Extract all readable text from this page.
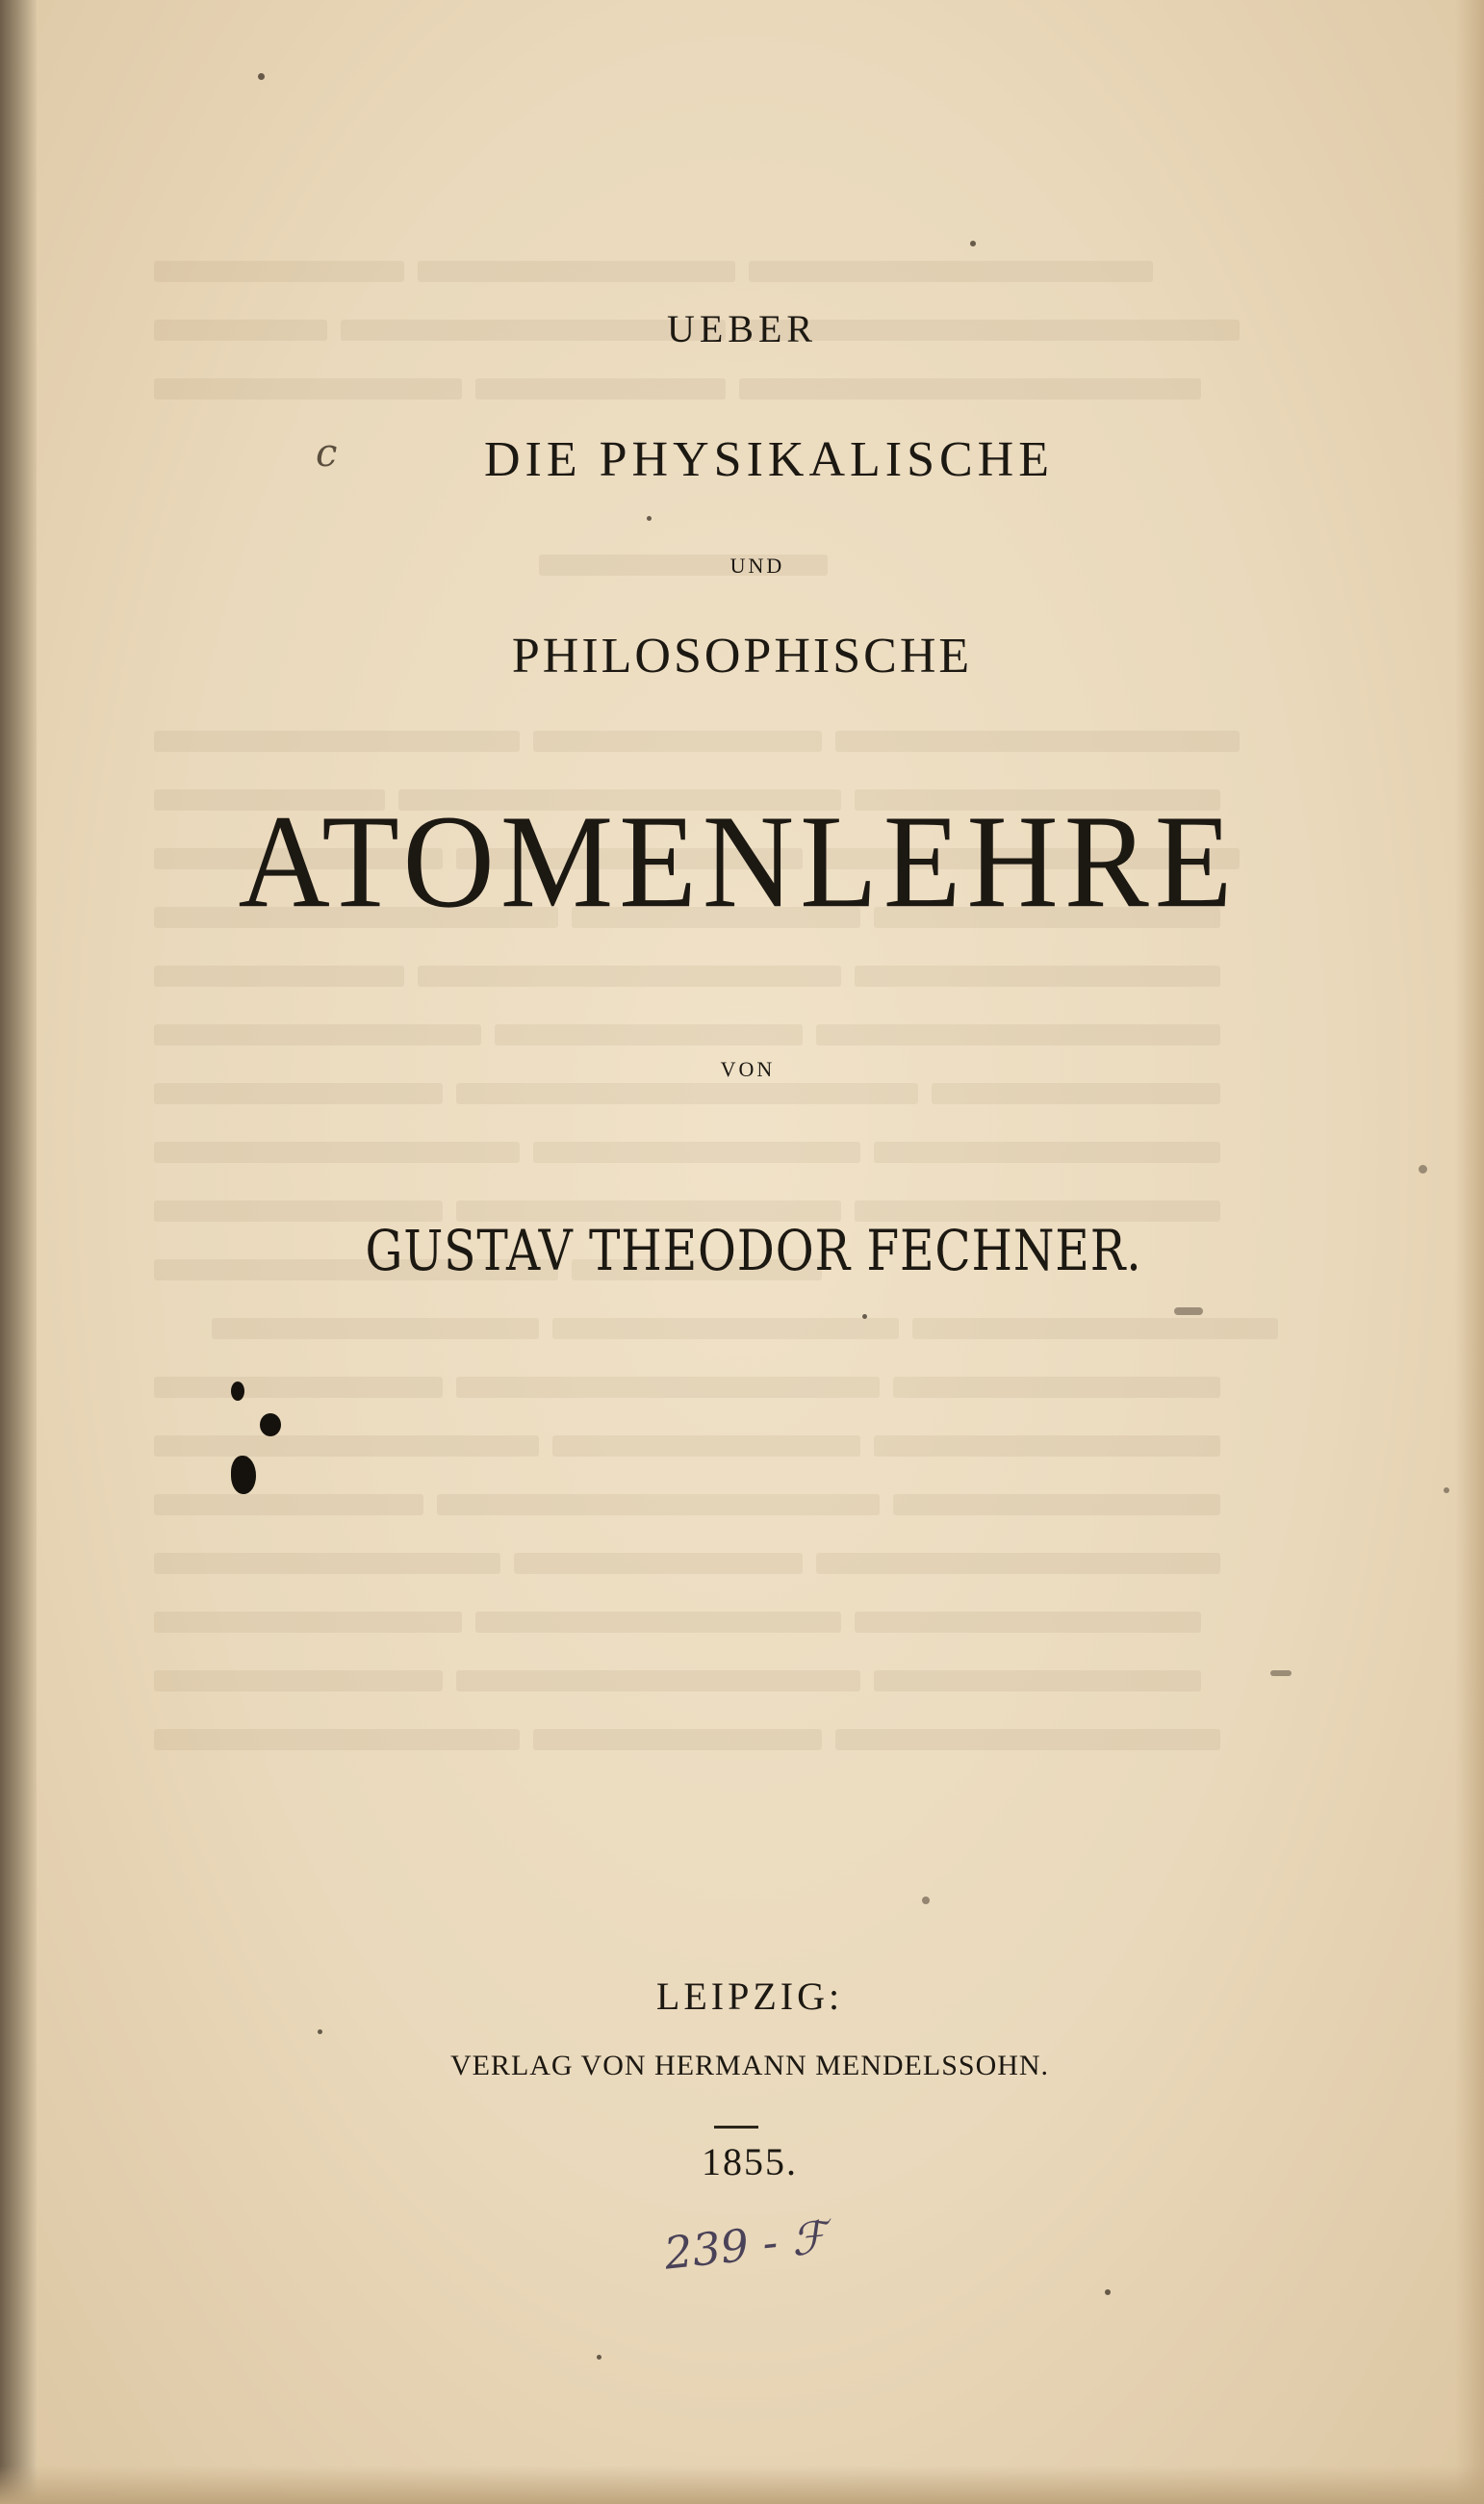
UEBER
c	DIE PHYSIKALISCHE
UND
PHILOSOPHISCHE
ATOMENLEHRE
VON
GUSTAV THEODOR FECHNER.
LEIPZIG:
VERLAG VON HERMANN MENDELSSOHN.
1855.
239 - ℱ
